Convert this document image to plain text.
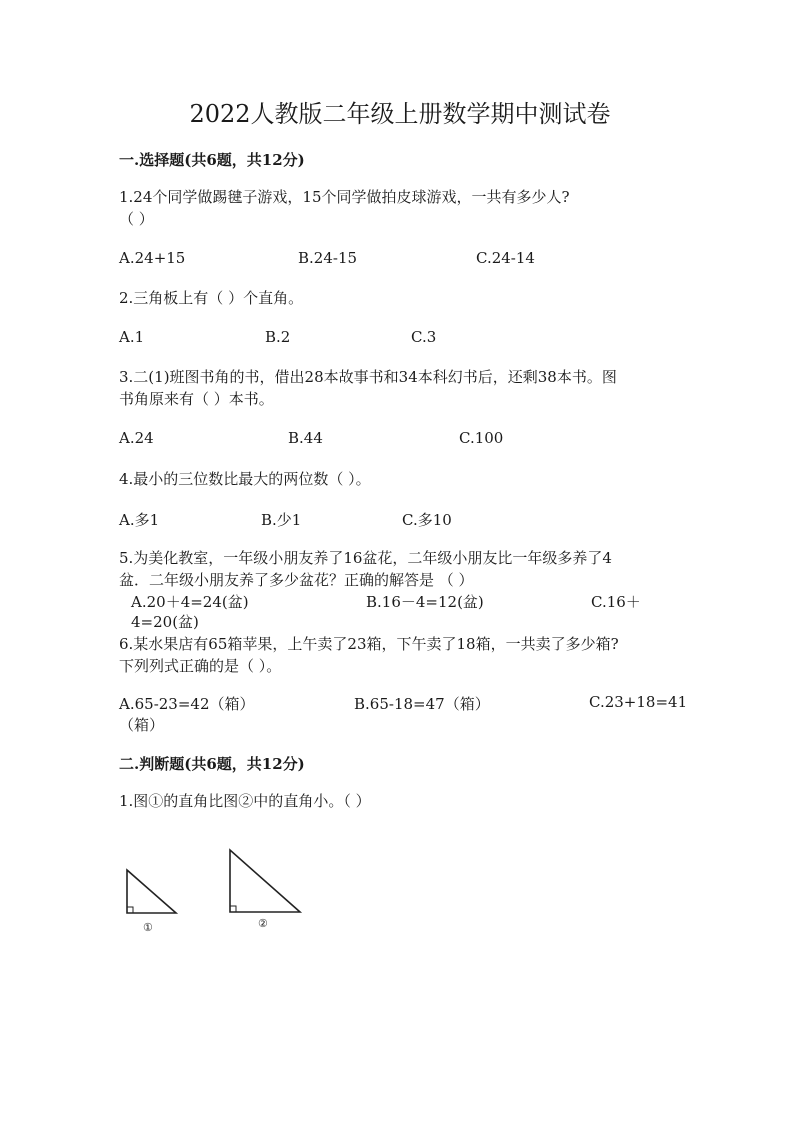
2022人教版二年级上册数学期中测试卷
一.选择题(共6题，共12分)
1.24个同学做踢毽子游戏，15个同学做拍皮球游戏，一共有多少人?
（ ）
A.24+15	B.24-15	C.24-14
2.三角板上有（ ）个直角。
A.1	B.2	C.3
3.二(1)班图书角的书，借出28本故事书和34本科幻书后，还剩38本书。图
书角原来有（ ）本书。
A.24	B.44	C.100
4.最小的三位数比最大的两位数（ ）。
A.多1	B.少1	C.多10
5.为美化教室，一年级小朋友养了16盆花，二年级小朋友比一年级多养了4
盆．二年级小朋友养了多少盆花？正确的解答是 （ ）
A.20＋4=24(盆)	B.16－4=12(盆)	C.16＋
4=20(盆)
6.某水果店有65箱苹果，上午卖了23箱，下午卖了18箱，一共卖了多少箱?
下列列式正确的是（ ）。
A.65-23=42（箱）	B.65-18=47（箱）	C.23+18=41
（箱）
二.判断题(共6题，共12分)
1.图①的直角比图②中的直角小。（ ）
①	②
